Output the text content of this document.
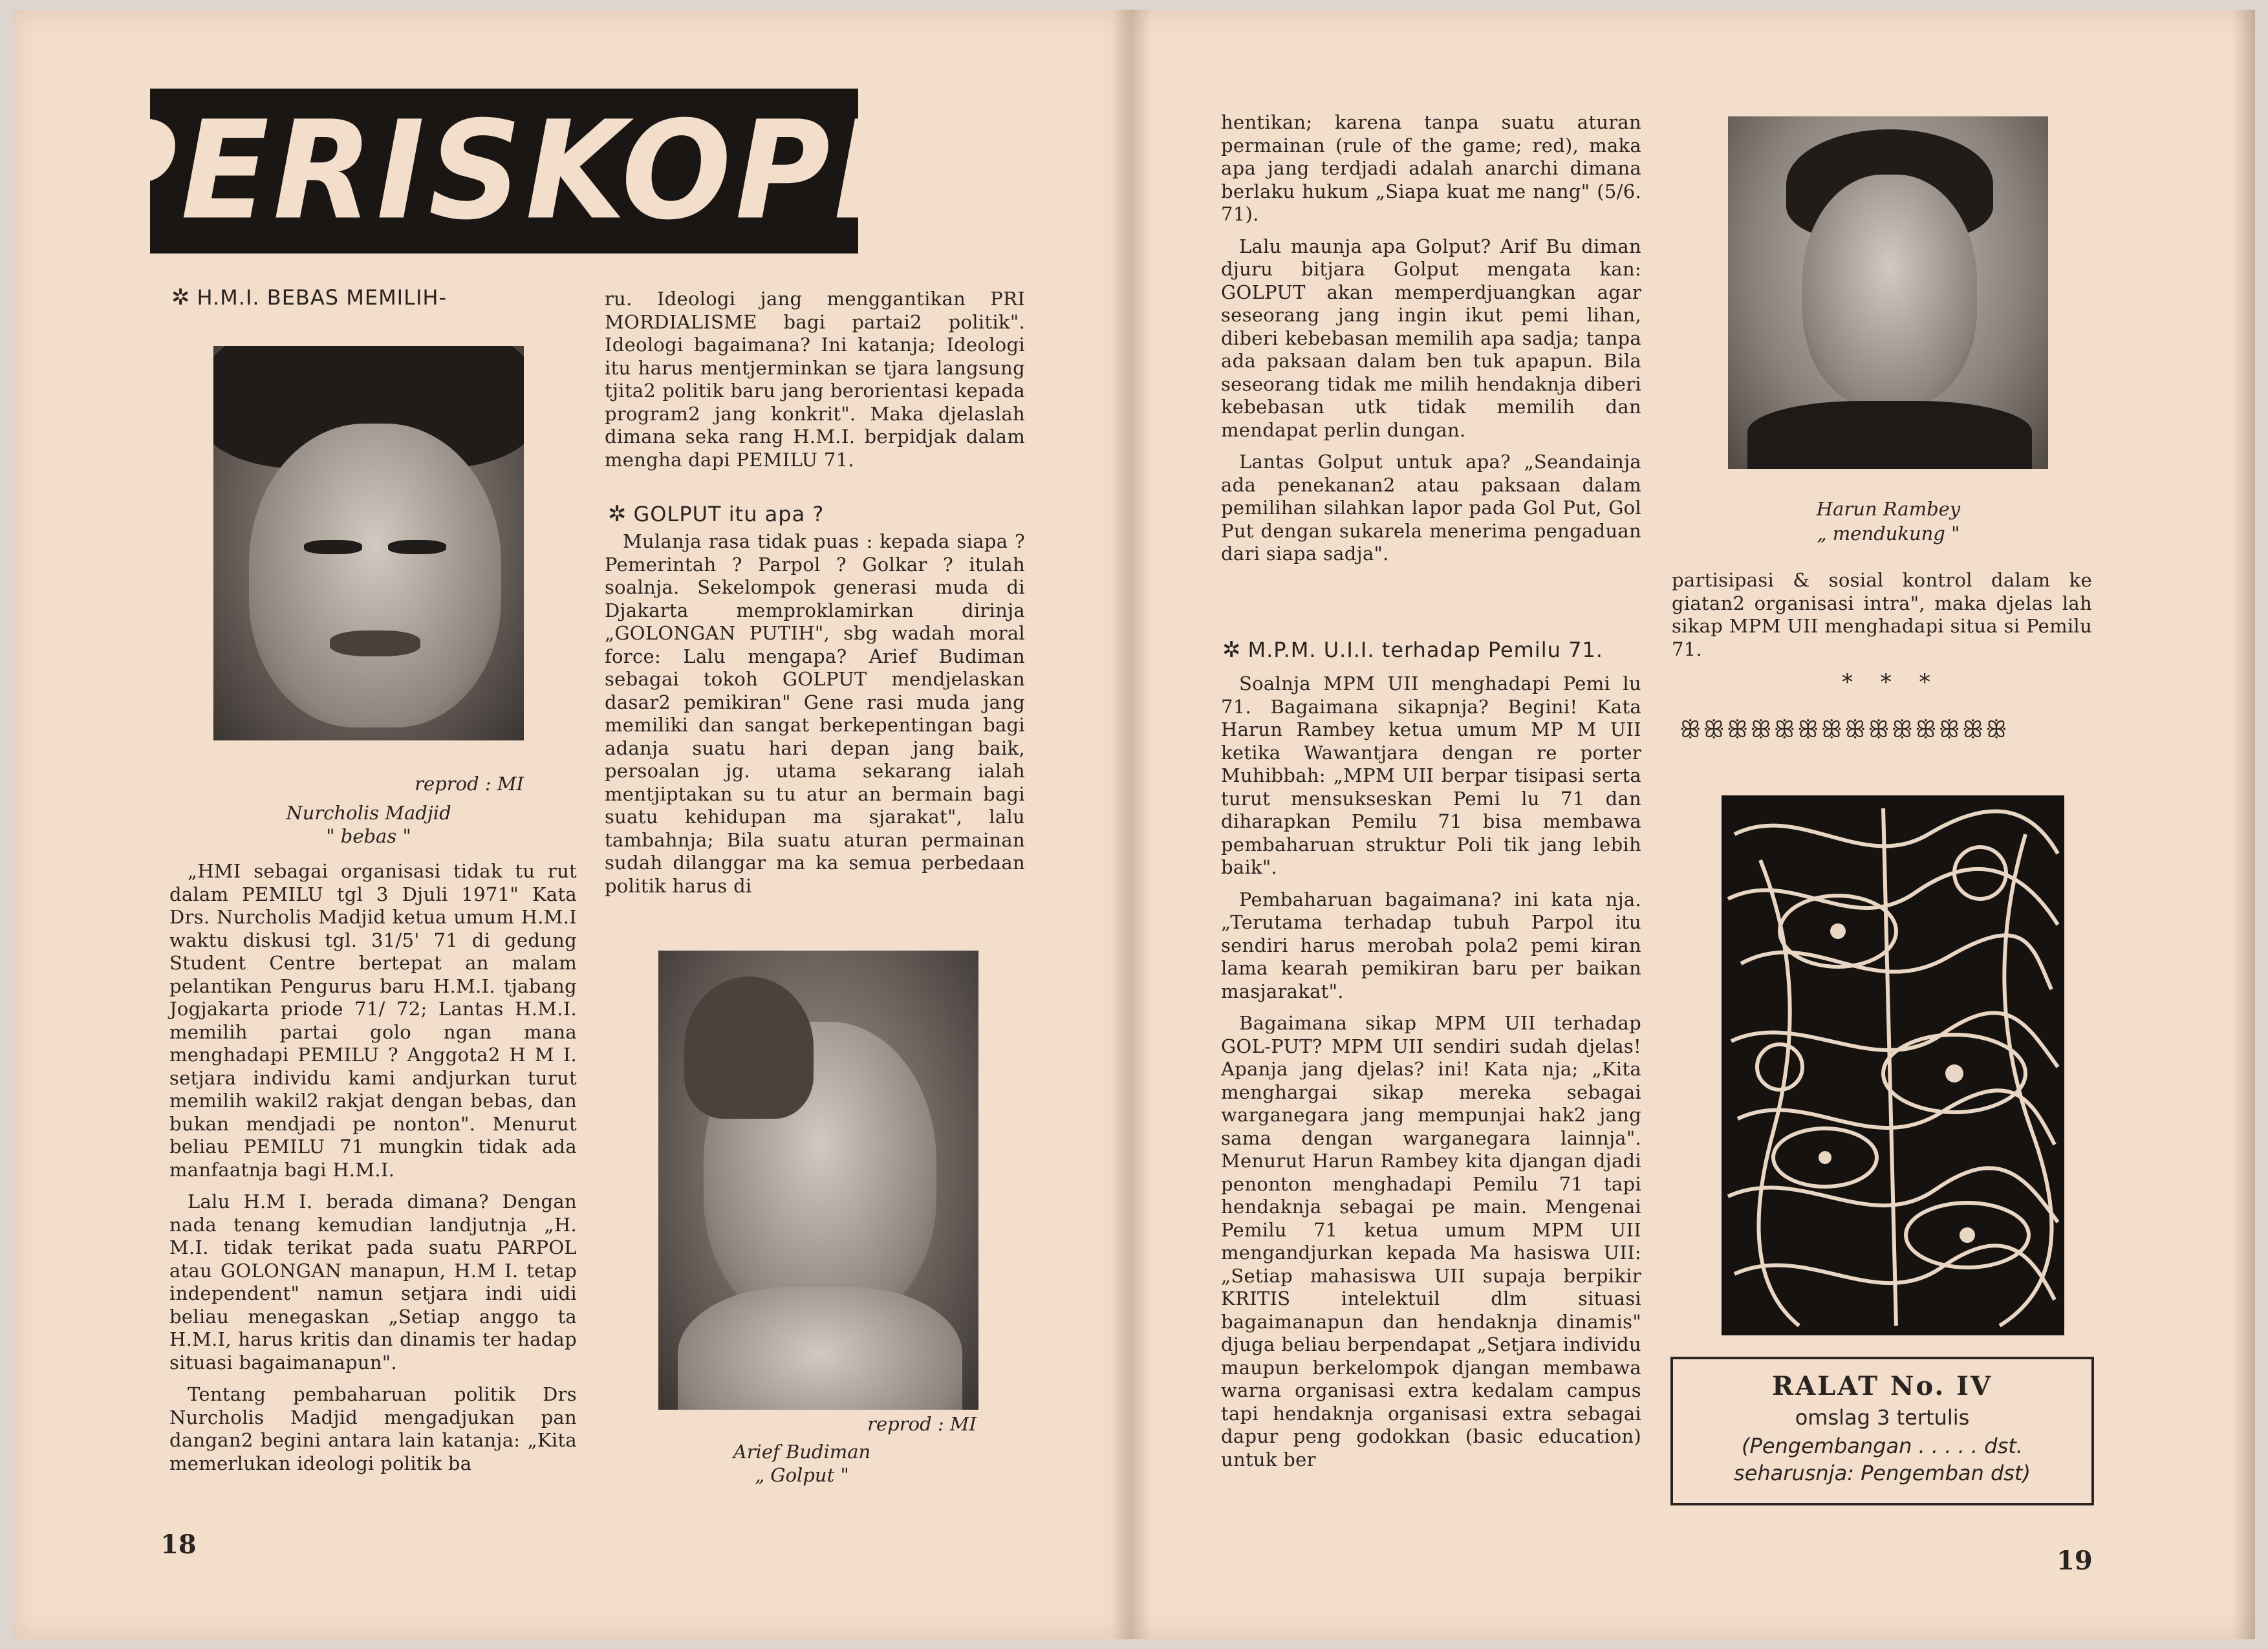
PERISKOPE
✲ H.M.I. BEBAS MEMILIH-
reprod : MI
Nurcholis Madjid
" bebas "

„HMI sebagai organisasi tidak tu rut dalam PEMILU tgl 3 Djuli 1971" Kata Drs. Nurcholis Madjid ketua umum H.M.I waktu diskusi tgl. 31/5' 71 di gedung Student Centre bertepat an malam pelantikan Pengurus baru H.M.I. tjabang Jogjakarta priode 71/ 72; Lantas H.M.I. memilih partai golo ngan mana menghadapi PEMILU ? Anggota2 H M I. setjara individu kami andjurkan turut memilih wakil2 rakjat dengan bebas, dan bukan mendjadi pe nonton". Menurut beliau PEMILU 71 mungkin tidak ada manfaatnja bagi H.M.I.

Lalu H.M I. berada dimana? Dengan nada tenang kemudian landjutnja „H. M.I. tidak terikat pada suatu PARPOL atau GOLONGAN manapun, H.M I. tetap independent" namun setjara indi uidi beliau menegaskan „Setiap anggo ta H.M.I, harus kritis dan dinamis ter hadap situasi bagaimanapun".

Tentang pembaharuan politik Drs Nurcholis Madjid mengadjukan pan dangan2 begini antara lain katanja: „Kita memerlukan ideologi politik ba

ru. Ideologi jang menggantikan PRI MORDIALISME bagi partai2 politik". Ideologi bagaimana? Ini katanja; Ideologi itu harus mentjerminkan se tjara langsung tjita2 politik baru jang berorientasi kepada program2 jang konkrit". Maka djelaslah dimana seka rang H.M.I. berpidjak dalam mengha dapi PEMILU 71.

✲ GOLPUT itu apa ?

Mulanja rasa tidak puas : kepada siapa ? Pemerintah ? Parpol ? Golkar ? itulah soalnja. Sekelompok generasi muda di Djakarta memproklamirkan dirinja „GOLONGAN PUTIH", sbg wadah moral force: Lalu mengapa? Arief Budiman sebagai tokoh GOLPUT mendjelaskan dasar2 pemikiran" Gene rasi muda jang memiliki dan sangat berkepentingan bagi adanja suatu hari depan jang baik, persoalan jg. utama sekarang ialah mentjiptakan su tu atur an bermain bagi suatu kehidupan ma sjarakat", lalu tambahnja; Bila suatu aturan permainan sudah dilanggar ma ka semua perbedaan politik harus di

reprod : MI
Arief Budiman
„ Golput "
18

hentikan; karena tanpa suatu aturan permainan (rule of the game; red), maka apa jang terdjadi adalah anarchi dimana berlaku hukum „Siapa kuat me nang" (5/6. 71).

Lalu maunja apa Golput? Arif Bu diman djuru bitjara Golput mengata kan: GOLPUT akan memperdjuangkan agar seseorang jang ingin ikut pemi lihan, diberi kebebasan memilih apa sadja; tanpa ada paksaan dalam ben tuk apapun. Bila seseorang tidak me milih hendaknja diberi kebebasan utk tidak memilih dan mendapat perlin dungan.

Lantas Golput untuk apa? „Seandainja ada penekanan2 atau paksaan dalam pemilihan silahkan lapor pada Gol Put, Gol Put dengan sukarela menerima pengaduan dari siapa sadja".

✲ M.P.M. U.I.I. terhadap Pemilu 71.

Soalnja MPM UII menghadapi Pemi lu 71. Bagaimana sikapnja? Begini! Kata Harun Rambey ketua umum MP M UII ketika Wawantjara dengan re porter Muhibbah: „MPM UII berpar tisipasi serta turut mensukseskan Pemi lu 71 dan diharapkan Pemilu 71 bisa membawa pembaharuan struktur Poli tik jang lebih baik".

Pembaharuan bagaimana? ini kata nja. „Terutama terhadap tubuh Parpol itu sendiri harus merobah pola2 pemi kiran lama kearah pemikiran baru per baikan masjarakat".

Bagaimana sikap MPM UII terhadap GOL-PUT? MPM UII sendiri sudah djelas! Apanja jang djelas? ini! Kata nja; „Kita menghargai sikap mereka sebagai warganegara jang mempunjai hak2 jang sama dengan warganegara lainnja". Menurut Harun Rambey kita djangan djadi penonton menghadapi Pemilu 71 tapi hendaknja sebagai pe main. Mengenai Pemilu 71 ketua umum MPM UII mengandjurkan kepada Ma hasiswa UII: „Setiap mahasiswa UII supaja berpikir KRITIS intelektuil dlm situasi bagaimanapun dan hendaknja dinamis" djuga beliau berpendapat „Setjara individu maupun berkelompok djangan membawa warna organisasi extra kedalam campus tapi hendaknja organisasi extra sebagai dapur peng godokkan (basic education) untuk ber

Harun Rambey
„ mendukung "

partisipasi & sosial kontrol dalam ke giatan2 organisasi intra", maka djelas lah sikap MPM UII menghadapi situa si Pemilu 71.

* * *
ꕥꕥꕥꕥꕥꕥꕥꕥꕥꕥꕥꕥꕥꕥ
RALAT No. IV
omslag 3 tertulis
(Pengembangan . . . . . dst.
seharusnja: Pengemban dst)
19
